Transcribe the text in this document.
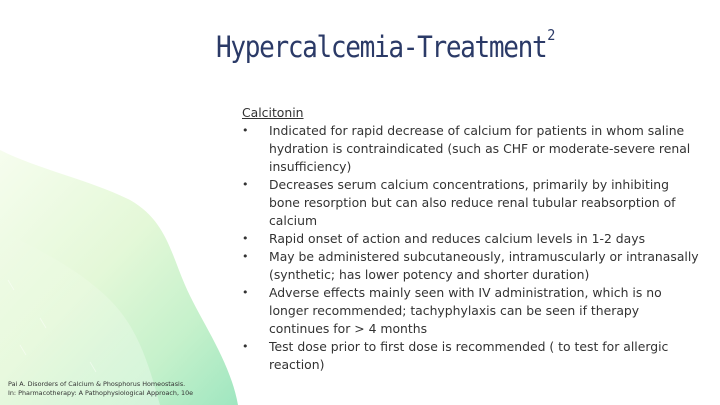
Hypercalcemia-Treatment$^2$
Calcitonin
• Indicated for rapid decrease of calcium for patients in whom saline hydration is contraindicated (such as CHF or moderate-severe renal insufficiency)
• Decreases serum calcium concentrations, primarily by inhibiting bone resorption but can also reduce renal tubular reabsorption of calcium
• Rapid onset of action and reduces calcium levels in 1-2 days
• May be administered subcutaneously, intramuscularly or intranasally (synthetic; has lower potency and shorter duration)
• Adverse effects mainly seen with IV administration, which is no longer recommended; tachyphylaxis can be seen if therapy continues for > 4 months
• Test dose prior to first dose is recommended ( to test for allergic reaction)
Pai A. Disorders of Calcium & Phosphorus Homeostasis.
In: Pharmacotherapy: A Pathophysiological Approach, 10e
